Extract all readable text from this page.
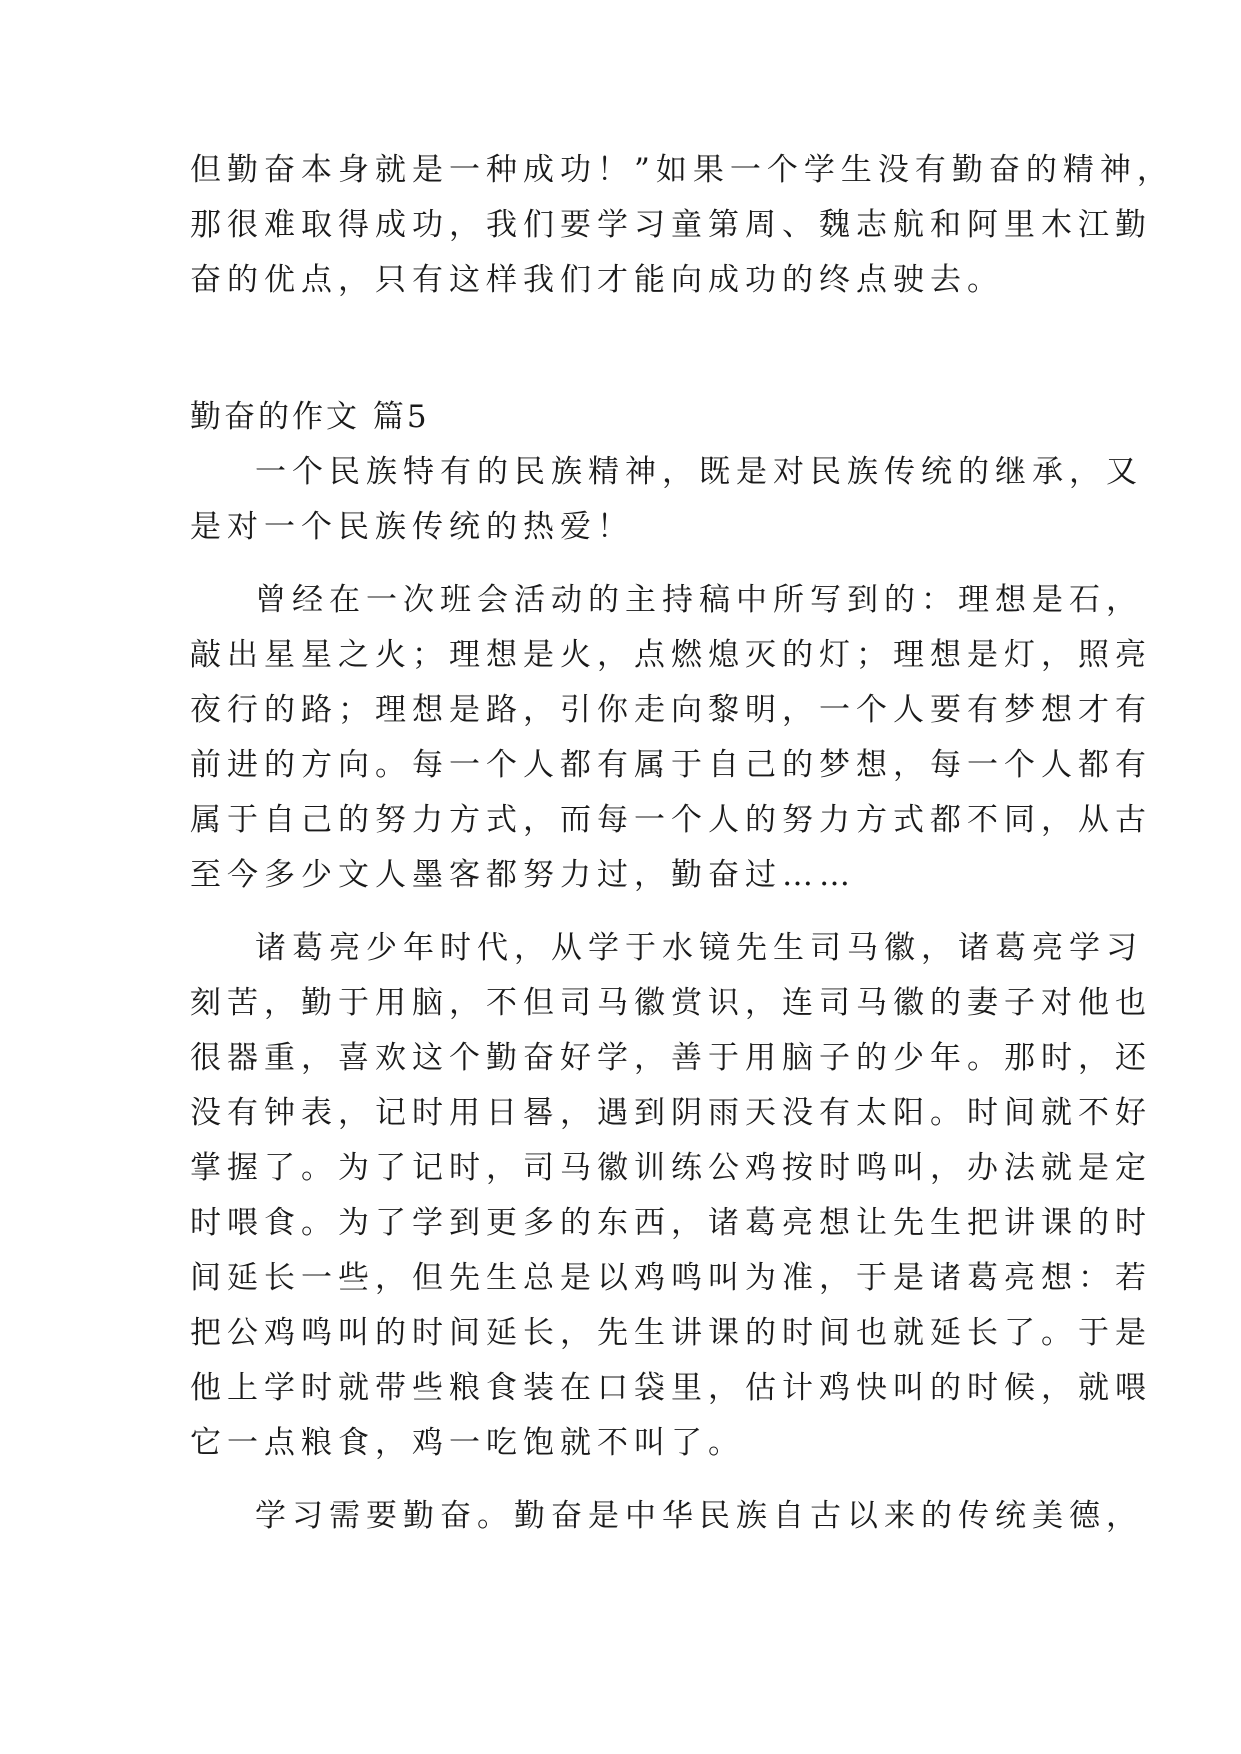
但勤奋本身就是一种成功！”如果一个学生没有勤奋的精神，
那很难取得成功，我们要学习童第周、魏志航和阿里木江勤
奋的优点，只有这样我们才能向成功的终点驶去。
勤奋的作文 篇5
一个民族特有的民族精神，既是对民族传统的继承，又
是对一个民族传统的热爱！
曾经在一次班会活动的主持稿中所写到的：理想是石，
敲出星星之火；理想是火，点燃熄灭的灯；理想是灯，照亮
夜行的路；理想是路，引你走向黎明，一个人要有梦想才有
前进的方向。每一个人都有属于自己的梦想，每一个人都有
属于自己的努力方式，而每一个人的努力方式都不同，从古
至今多少文人墨客都努力过，勤奋过……
诸葛亮少年时代，从学于水镜先生司马徽，诸葛亮学习
刻苦，勤于用脑，不但司马徽赏识，连司马徽的妻子对他也
很器重，喜欢这个勤奋好学，善于用脑子的少年。那时，还
没有钟表，记时用日晷，遇到阴雨天没有太阳。时间就不好
掌握了。为了记时，司马徽训练公鸡按时鸣叫，办法就是定
时喂食。为了学到更多的东西，诸葛亮想让先生把讲课的时
间延长一些，但先生总是以鸡鸣叫为准，于是诸葛亮想：若
把公鸡鸣叫的时间延长，先生讲课的时间也就延长了。于是
他上学时就带些粮食装在口袋里，估计鸡快叫的时候，就喂
它一点粮食，鸡一吃饱就不叫了。
学习需要勤奋。勤奋是中华民族自古以来的传统美德，
